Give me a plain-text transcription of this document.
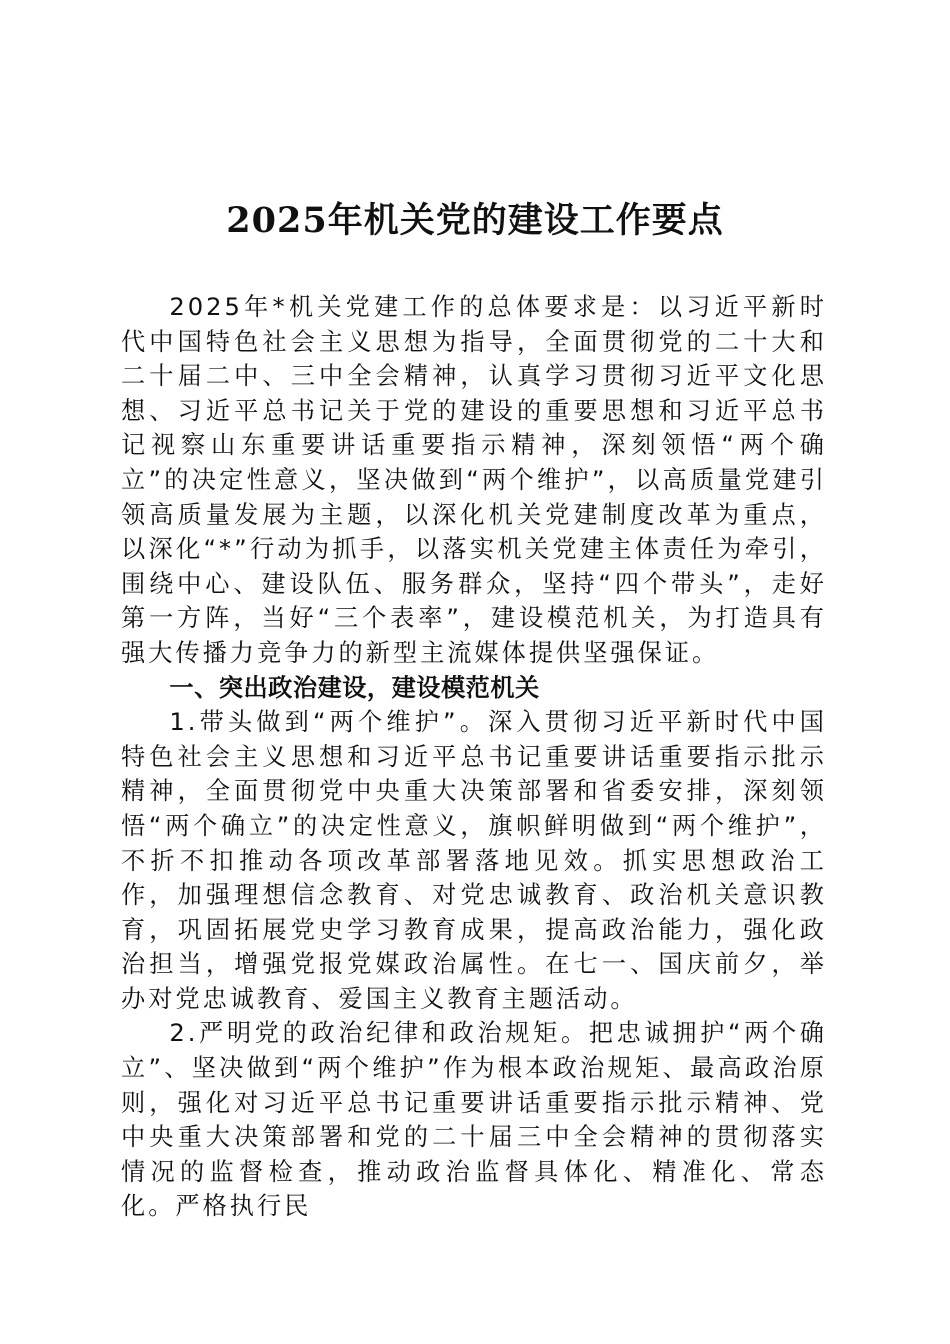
2025年机关党的建设工作要点

2025年*机关党建工作的总体要求是：以习近平新时代中国特色社会主义思想为指导，全面贯彻党的二十大和二十届二中、三中全会精神，认真学习贯彻习近平文化思想、习近平总书记关于党的建设的重要思想和习近平总书记视察山东重要讲话重要指示精神，深刻领悟“两个确立”的决定性意义，坚决做到“两个维护”，以高质量党建引领高质量发展为主题，以深化机关党建制度改革为重点，以深化“*”行动为抓手，以落实机关党建主体责任为牵引，围绕中心、建设队伍、服务群众，坚持“四个带头”，走好第一方阵，当好“三个表率”，建设模范机关，为打造具有强大传播力竞争力的新型主流媒体提供坚强保证。

一、突出政治建设，建设模范机关

1.带头做到“两个维护”。深入贯彻习近平新时代中国特色社会主义思想和习近平总书记重要讲话重要指示批示精神，全面贯彻党中央重大决策部署和省委安排，深刻领悟“两个确立”的决定性意义，旗帜鲜明做到“两个维护”，不折不扣推动各项改革部署落地见效。抓实思想政治工作，加强理想信念教育、对党忠诚教育、政治机关意识教育，巩固拓展党史学习教育成果，提高政治能力，强化政治担当，增强党报党媒政治属性。在七一、国庆前夕，举办对党忠诚教育、爱国主义教育主题活动。

2.严明党的政治纪律和政治规矩。把忠诚拥护“两个确立”、坚决做到“两个维护”作为根本政治规矩、最高政治原则，强化对习近平总书记重要讲话重要指示批示精神、党中央重大决策部署和党的二十届三中全会精神的贯彻落实情况的监督检查，推动政治监督具体化、精准化、常态化。严格执行民
